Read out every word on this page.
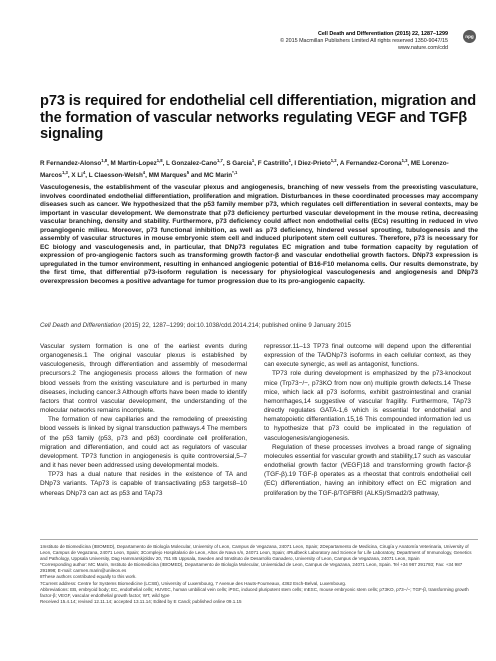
Cell Death and Differentiation (2015) 22, 1287–1299
© 2015 Macmillan Publishers Limited All rights reserved 1350-9047/15
www.nature.com/cdd
npg
p73 is required for endothelial cell differentiation, migration and the formation of vascular networks regulating VEGF and TGFβ signaling
R Fernandez-Alonso$^{1,8}$, M Martin-Lopez$^{1,8}$, L Gonzalez-Cano$^{1,7}$, S Garcia$^1$, F Castrillo$^1$, I Diez-Prieto$^{1,2}$, A Fernandez-Corona$^{1,3}$, ME Lorenzo-Marcos$^{1,3}$, X Li$^4$, L Claesson-Welsh$^4$, MM Marques$^5$ and MC Marin$^{*,1}$

Vasculogenesis, the establishment of the vascular plexus and angiogenesis, branching of new vessels from the preexisting vasculature, involves coordinated endothelial differentiation, proliferation and migration. Disturbances in these coordinated processes may accompany diseases such as cancer. We hypothesized that the p53 family member p73, which regulates cell differentiation in several contexts, may be important in vascular development. We demonstrate that p73 deficiency perturbed vascular development in the mouse retina, decreasing vascular branching, density and stability. Furthermore, p73 deficiency could affect non endothelial cells (ECs) resulting in reduced in vivo proangiogenic milieu. Moreover, p73 functional inhibition, as well as p73 deficiency, hindered vessel sprouting, tubulogenesis and the assembly of vascular structures in mouse embryonic stem cell and induced pluripotent stem cell cultures. Therefore, p73 is necessary for EC biology and vasculogenesis and, in particular, that DNp73 regulates EC migration and tube formation capacity by regulation of expression of pro-angiogenic factors such as transforming growth factor-β and vascular endothelial growth factors. DNp73 expression is upregulated in the tumor environment, resulting in enhanced angiogenic potential of B16-F10 melanoma cells. Our results demonstrate, by the first time, that differential p73-isoform regulation is necessary for physiological vasculogenesis and angiogenesis and DNp73 overexpression becomes a positive advantage for tumor progression due to its pro-angiogenic capacity.

Cell Death and Differentiation (2015) 22, 1287–1299; doi:10.1038/cdd.2014.214; published online 9 January 2015

Vascular system formation is one of the earliest events during organogenesis.1 The original vascular plexus is established by vasculogenesis, through differentiation and assembly of mesodermal precursors.2 The angiogenesis process allows the formation of new blood vessels from the existing vasculature and is perturbed in many diseases, including cancer.3 Although efforts have been made to identify factors that control vascular development, the understanding of the molecular networks remains incomplete.

The formation of new capillaries and the remodeling of preexisting blood vessels is linked by signal transduction pathways.4 The members of the p53 family (p53, p73 and p63) coordinate cell proliferation, migration and differentiation, and could act as regulators of vascular development. TP73 function in angiogenesis is quite controversial,5–7 and it has never been addressed using developmental models.

TP73 has a dual nature that resides in the existence of TA and DNp73 variants. TAp73 is capable of transactivating p53 targets8–10 whereas DNp73 can act as p53 and TAp73

repressor.11–13 TP73 final outcome will depend upon the differential expression of the TA/DNp73 isoforms in each cellular context, as they can execute synergic, as well as antagonist, functions.

TP73 role during development is emphasized by the p73-knockout mice (Trp73−/−, p73KO from now on) multiple growth defects.14 These mice, which lack all p73 isoforms, exhibit gastrointestinal and cranial hemorrhages,14 suggestive of vascular fragility. Furthermore, TAp73 directly regulates GATA-1,6 which is essential for endothelial and hematopoietic differentiation.15,16 This compounded information led us to hypothesize that p73 could be implicated in the regulation of vasculogenesis/angiogenesis.

Regulation of these processes involves a broad range of signaling molecules essential for vascular growth and stability,17 such as vascular endothelial growth factor (VEGF)18 and transforming growth factor-β (TGF-β).19 TGF-β operates as a rheostat that controls endothelial cell (EC) differentiation, having an inhibitory effect on EC migration and proliferation by the TGF-β/TGFBRI (ALK5)/Smad2/3 pathway,

1Instituto de Biomedicina (IBIOMED), Departamento de Biología Molecular, University of Leon, Campus de Vegazana, 24071 Leon, Spain; 2Departamento de Medicina, Cirugía y Anatomía Veterinaria, University of Leon, Campus de Vegazana, 24071 Leon, Spain; 3Complejo Hospitalario de Leon, Altos de Nava s/n, 24071 Leon, Spain; 4Rudbeck Laboratory and Science for Life Laboratory, Department of Immunology, Genetics and Pathology, Uppsala University, Dag Hammarskjöldsv 20, 751 85 Uppsala, Sweden and 5Instituto de Desarrollo Ganadero, University of Leon, Campus de Vegazana, 24071 Leon, Spain
*Corresponding author: MC Marin, Instituto de Biomedicina (IBIOMED), Departamento de Biología Molecular, Universidad de Leon, Campus de Vegazana, 24071 Leon, Spain. Tel +34 987 291793; Fax: +34 987 291998; E-mail: carmen.marin@unileon.es
8These authors contributed equally to this work.
7Current address: Centre for Systems Biomedicine (LCSB), University of Luxembourg, 7 Avenue des Hauts-Fourneaux, 4362 Esch-Belval, Luxembourg.
Abbreviations: EB, embryoid body; EC, endothelial cells; HUVEC, human umbilical vein cells; iPSC, induced pluripotent stem cells; mESC, mouse embryonic stem cells; p73KO, p73−/−; TGF-β, transforming growth factor-β; VEGF, vascular endothelial growth factor; WT, wild type
Received 15.4.14; revised 12.11.14; accepted 13.11.14; Edited by E Candi; published online 09.1.15
